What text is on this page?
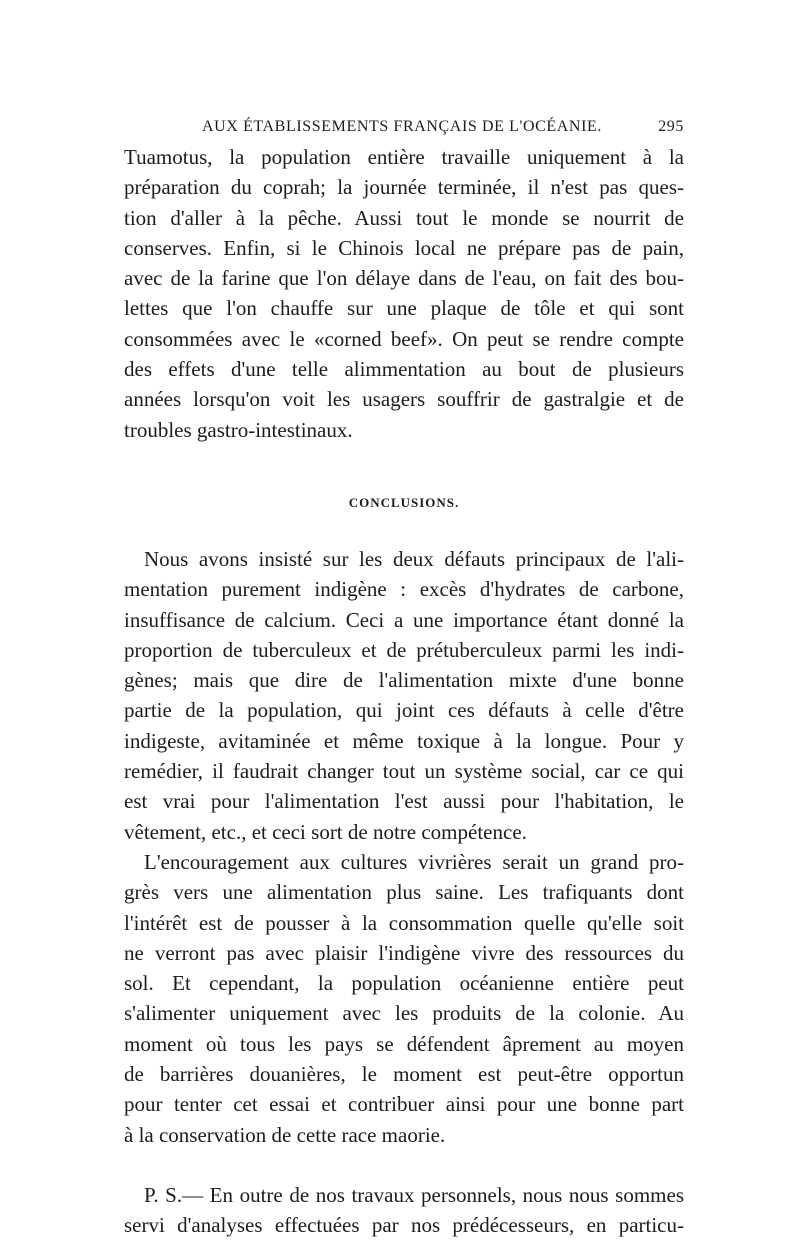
AUX ÉTABLISSEMENTS FRANÇAIS DE L'OCÉANIE.	295
Tuamotus, la population entière travaille uniquement à la
préparation du coprah; la journée terminée, il n'est pas ques-
tion d'aller à la pêche. Aussi tout le monde se nourrit de
conserves. Enfin, si le Chinois local ne prépare pas de pain,
avec de la farine que l'on délaye dans de l'eau, on fait des bou-
lettes que l'on chauffe sur une plaque de tôle et qui sont
consommées avec le «corned beef». On peut se rendre compte
des effets d'une telle alimmentation au bout de plusieurs
années lorsqu'on voit les usagers souffrir de gastralgie et de
troubles gastro-intestinaux.
CONCLUSIONS.
Nous avons insisté sur les deux défauts principaux de l'ali-
mentation purement indigène : excès d'hydrates de carbone,
insuffisance de calcium. Ceci a une importance étant donné la
proportion de tuberculeux et de prétuberculeux parmi les indi-
gènes; mais que dire de l'alimentation mixte d'une bonne
partie de la population, qui joint ces défauts à celle d'être
indigeste, avitaminée et même toxique à la longue. Pour y
remédier, il faudrait changer tout un système social, car ce qui
est vrai pour l'alimentation l'est aussi pour l'habitation, le
vêtement, etc., et ceci sort de notre compétence.
L'encouragement aux cultures vivrières serait un grand pro-
grès vers une alimentation plus saine. Les trafiquants dont
l'intérêt est de pousser à la consommation quelle qu'elle soit
ne verront pas avec plaisir l'indigène vivre des ressources du
sol. Et cependant, la population océanienne entière peut
s'alimenter uniquement avec les produits de la colonie. Au
moment où tous les pays se défendent âprement au moyen
de barrières douanières, le moment est peut-être opportun
pour tenter cet essai et contribuer ainsi pour une bonne part
à la conservation de cette race maorie.
P. S.— En outre de nos travaux personnels, nous nous sommes
servi d'analyses effectuées par nos prédécesseurs, en particu-
